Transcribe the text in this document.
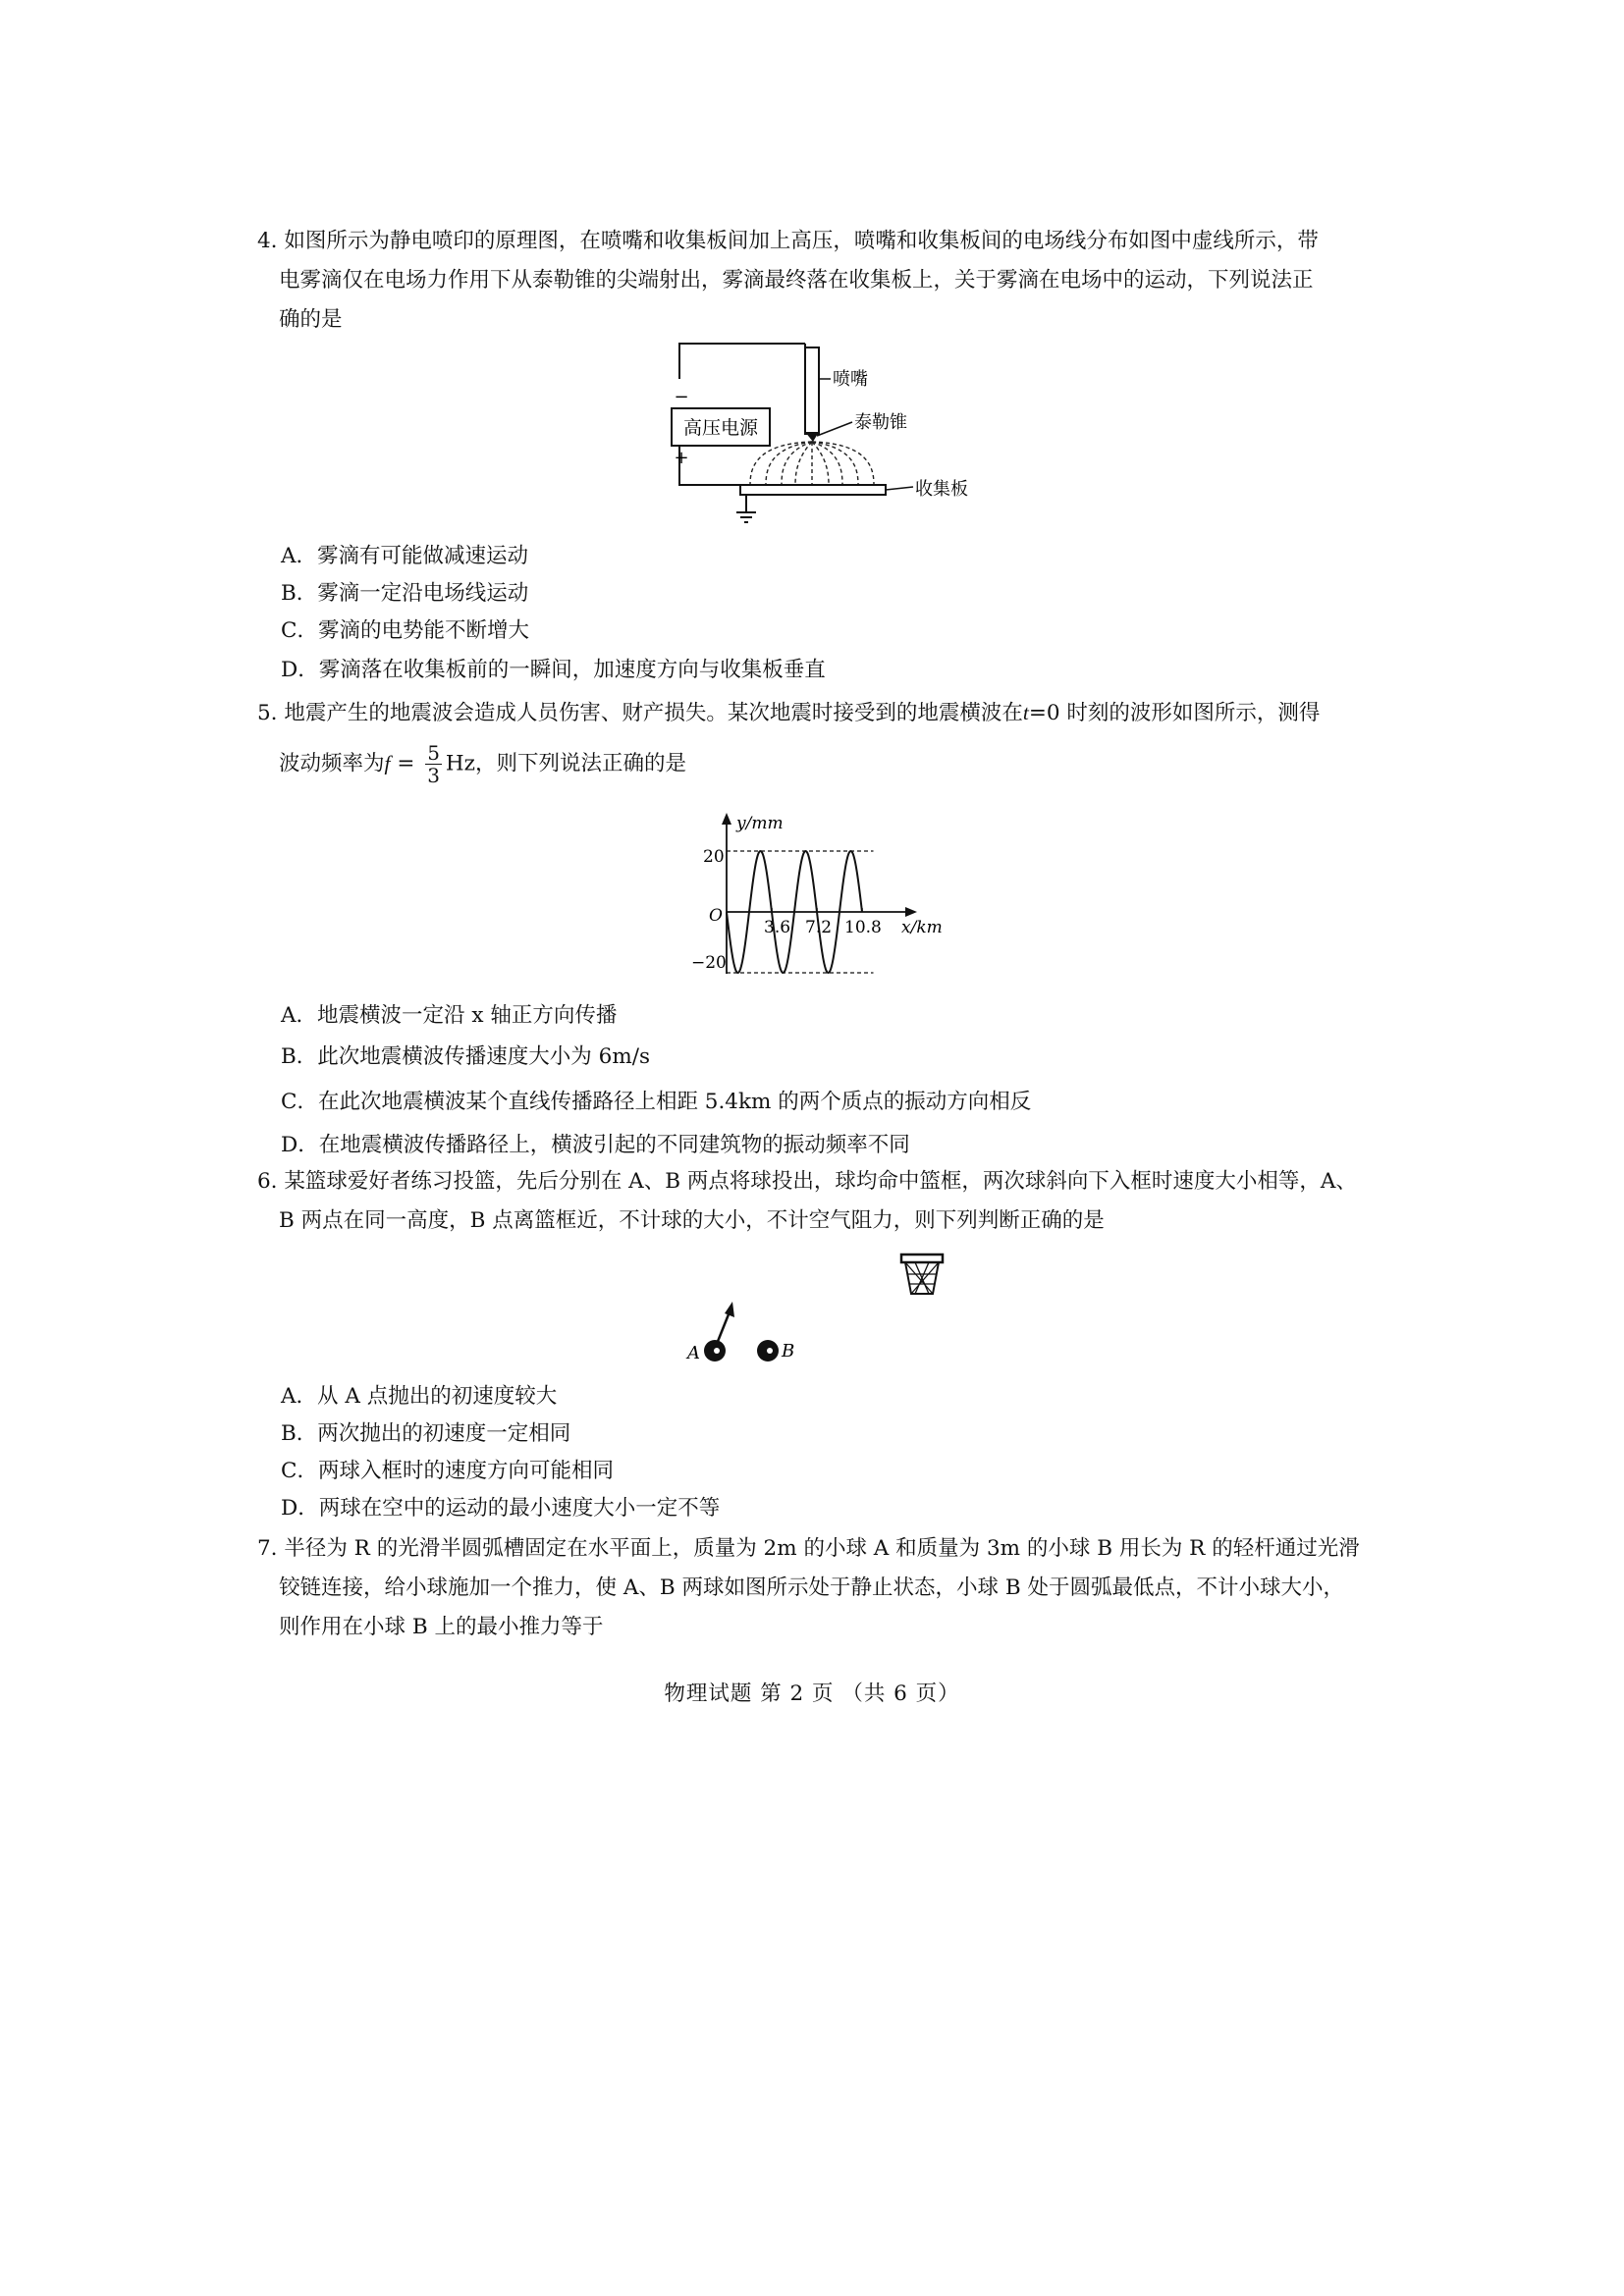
4. 如图所示为静电喷印的原理图，在喷嘴和收集板间加上高压，喷嘴和收集板间的电场线分布如图中虚线所示，带
电雾滴仅在电场力作用下从泰勒锥的尖端射出，雾滴最终落在收集板上，关于雾滴在电场中的运动，下列说法正
确的是
高压电源
−
+
喷嘴
泰勒锥
收集板
A．雾滴有可能做减速运动
B．雾滴一定沿电场线运动
C．雾滴的电势能不断增大
D．雾滴落在收集板前的一瞬间，加速度方向与收集板垂直
5. 地震产生的地震波会造成人员伤害、财产损失。某次地震时接受到的地震横波在t=0 时刻的波形如图所示，测得
波动频率为$f = \frac{5}{3}$ Hz，则下列说法正确的是
y/mm
x/km
O
20
−20
3.6 7.2 10.8
A．地震横波一定沿 x 轴正方向传播
B．此次地震横波传播速度大小为 6m/s
C．在此次地震横波某个直线传播路径上相距 5.4km 的两个质点的振动方向相反
D．在地震横波传播路径上，横波引起的不同建筑物的振动频率不同
6. 某篮球爱好者练习投篮，先后分别在 A、B 两点将球投出，球均命中篮框，两次球斜向下入框时速度大小相等，A、
B 两点在同一高度，B 点离篮框近，不计球的大小，不计空气阻力，则下列判断正确的是
A	B
A．从 A 点抛出的初速度较大
B．两次抛出的初速度一定相同
C．两球入框时的速度方向可能相同
D．两球在空中的运动的最小速度大小一定不等
7. 半径为 R 的光滑半圆弧槽固定在水平面上，质量为 2m 的小球 A 和质量为 3m 的小球 B 用长为 R 的轻杆通过光滑
铰链连接，给小球施加一个推力，使 A、B 两球如图所示处于静止状态，小球 B 处于圆弧最低点，不计小球大小，
则作用在小球 B 上的最小推力等于
物理试题 第 2 页 （共 6 页）
